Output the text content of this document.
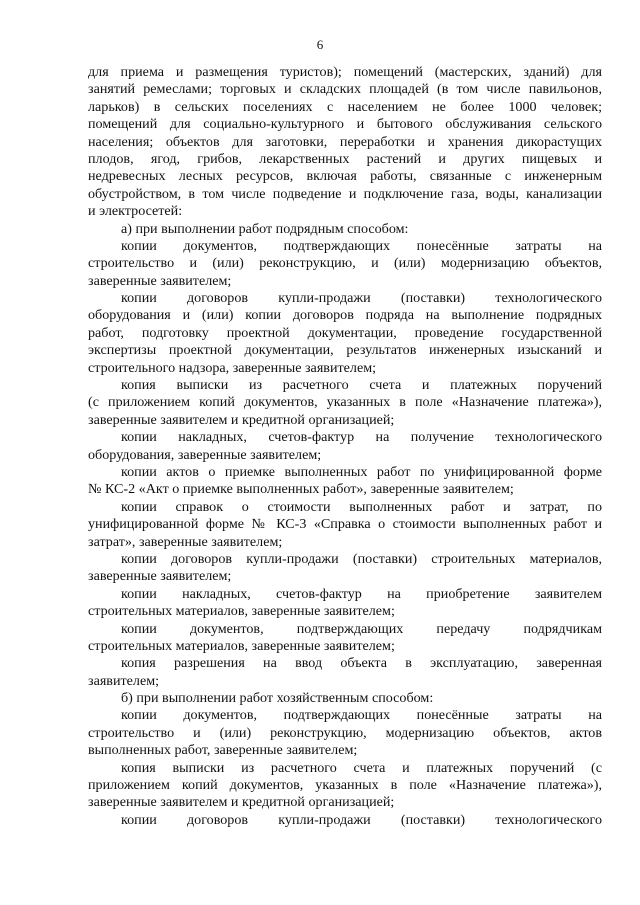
6
для приема и размещения туристов); помещений (мастерских, зданий) для
занятий ремеслами; торговых и складских площадей (в том числе павильонов,
ларьков) в сельских поселениях с населением не более 1000 человек;
помещений для социально-культурного и бытового обслуживания сельского
населения; объектов для заготовки, переработки и хранения дикорастущих
плодов, ягод, грибов, лекарственных растений и других пищевых и
недревесных лесных ресурсов, включая работы, связанные с инженерным
обустройством, в том числе подведение и подключение газа, воды, канализации
и электросетей:
а) при выполнении работ подрядным способом:
копии документов, подтверждающих понесённые затраты на
строительство и (или) реконструкцию, и (или) модернизацию объектов,
заверенные заявителем;
копии договоров купли-продажи (поставки) технологического
оборудования и (или) копии договоров подряда на выполнение подрядных
работ, подготовку проектной документации, проведение государственной
экспертизы проектной документации, результатов инженерных изысканий и
строительного надзора, заверенные заявителем;
копия выписки из расчетного счета и платежных поручений
(с приложением копий документов, указанных в поле «Назначение платежа»),
заверенные заявителем и кредитной организацией;
копии накладных, счетов-фактур на получение технологического
оборудования, заверенные заявителем;
копии актов о приемке выполненных работ по унифицированной форме
№ КС-2 «Акт о приемке выполненных работ», заверенные заявителем;
копии справок о стоимости выполненных работ и затрат, по
унифицированной форме № КС-3 «Справка о стоимости выполненных работ и
затрат», заверенные заявителем;
копии договоров купли-продажи (поставки) строительных материалов,
заверенные заявителем;
копии накладных, счетов-фактур на приобретение заявителем
строительных материалов, заверенные заявителем;
копии документов, подтверждающих передачу подрядчикам
строительных материалов, заверенные заявителем;
копия разрешения на ввод объекта в эксплуатацию, заверенная
заявителем;
б) при выполнении работ хозяйственным способом:
копии документов, подтверждающих понесённые затраты на
строительство и (или) реконструкцию, модернизацию объектов, актов
выполненных работ, заверенные заявителем;
копия выписки из расчетного счета и платежных поручений (с
приложением копий документов, указанных в поле «Назначение платежа»),
заверенные заявителем и кредитной организацией;
копии договоров купли-продажи (поставки) технологического
